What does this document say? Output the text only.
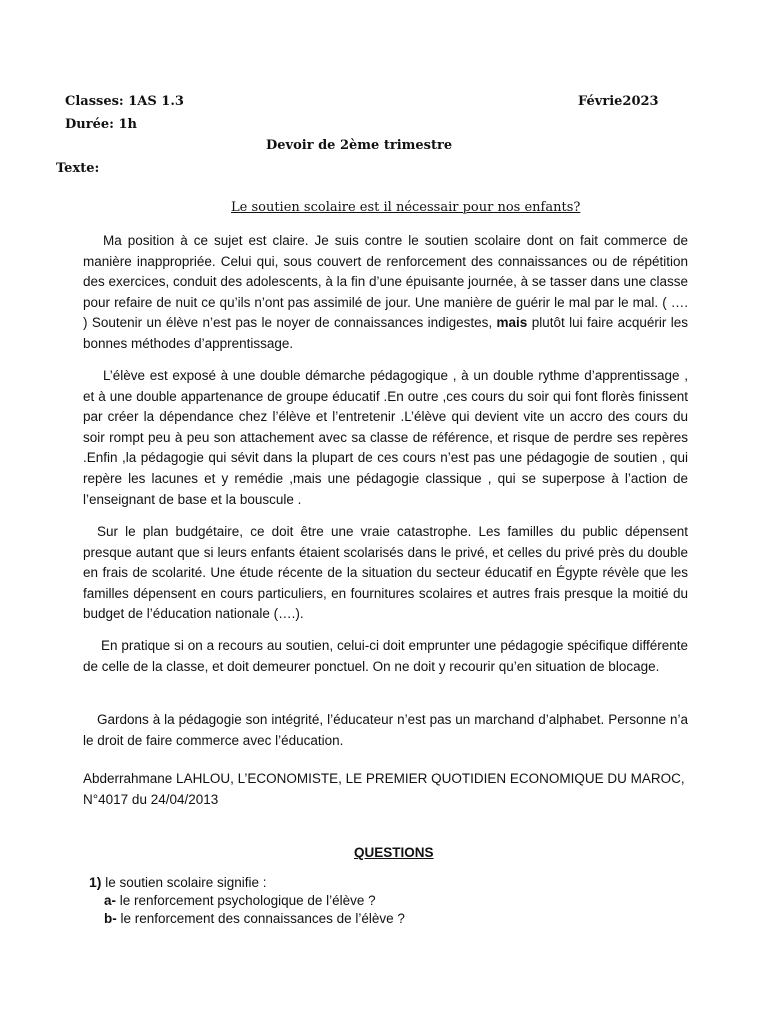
Classes: 1AS 1.3	Févrie2023
Durée: 1h
Devoir de 2ème trimestre
Texte:
Le soutien scolaire est il nécessair pour nos enfants?

Ma position à ce sujet est claire. Je suis contre le soutien scolaire dont on fait commerce de manière inappropriée. Celui qui, sous couvert de renforcement des connaissances ou de répétition des exercices, conduit des adolescents, à la fin d’une épuisante journée, à se tasser dans une classe pour refaire de nuit ce qu’ils n’ont pas assimilé de jour. Une manière de guérir le mal par le mal. ( …. ) Soutenir un élève n’est pas le noyer de connaissances indigestes, mais plutôt lui faire acquérir les bonnes méthodes d’apprentissage.

L’élève est exposé à une double démarche pédagogique , à un double rythme d’apprentissage , et à une double appartenance de groupe éducatif .En outre ,ces cours du soir qui font florès finissent par créer la dépendance chez l’élève et l’entretenir .L’élève qui devient vite un accro des cours du soir rompt peu à peu son attachement avec sa classe de référence, et risque de perdre ses repères .Enfin ,la pédagogie qui sévit dans la plupart de ces cours n’est pas une pédagogie de soutien , qui repère les lacunes et y remédie ,mais une pédagogie classique , qui se superpose à l’action de l’enseignant de base et la bouscule .

Sur le plan budgétaire, ce doit être une vraie catastrophe. Les familles du public dépensent presque autant que si leurs enfants étaient scolarisés dans le privé, et celles du privé près du double en frais de scolarité. Une étude récente de la situation du secteur éducatif en Égypte révèle que les familles dépensent en cours particuliers, en fournitures scolaires et autres frais presque la moitié du budget de l’éducation nationale (….).

En pratique si on a recours au soutien, celui-ci doit emprunter une pédagogie spécifique différente de celle de la classe, et doit demeurer ponctuel. On ne doit y recourir qu’en situation de blocage.

Gardons à la pédagogie son intégrité, l’éducateur n’est pas un marchand d’alphabet. Personne n’a le droit de faire commerce avec l’éducation.

Abderrahmane LAHLOU, L’ECONOMISTE, LE PREMIER QUOTIDIEN ECONOMIQUE DU MAROC, N°4017 du 24/04/2013

QUESTIONS
1) le soutien scolaire signifie :
a- le renforcement psychologique de l’élève ?
b- le renforcement des connaissances de l’élève ?
